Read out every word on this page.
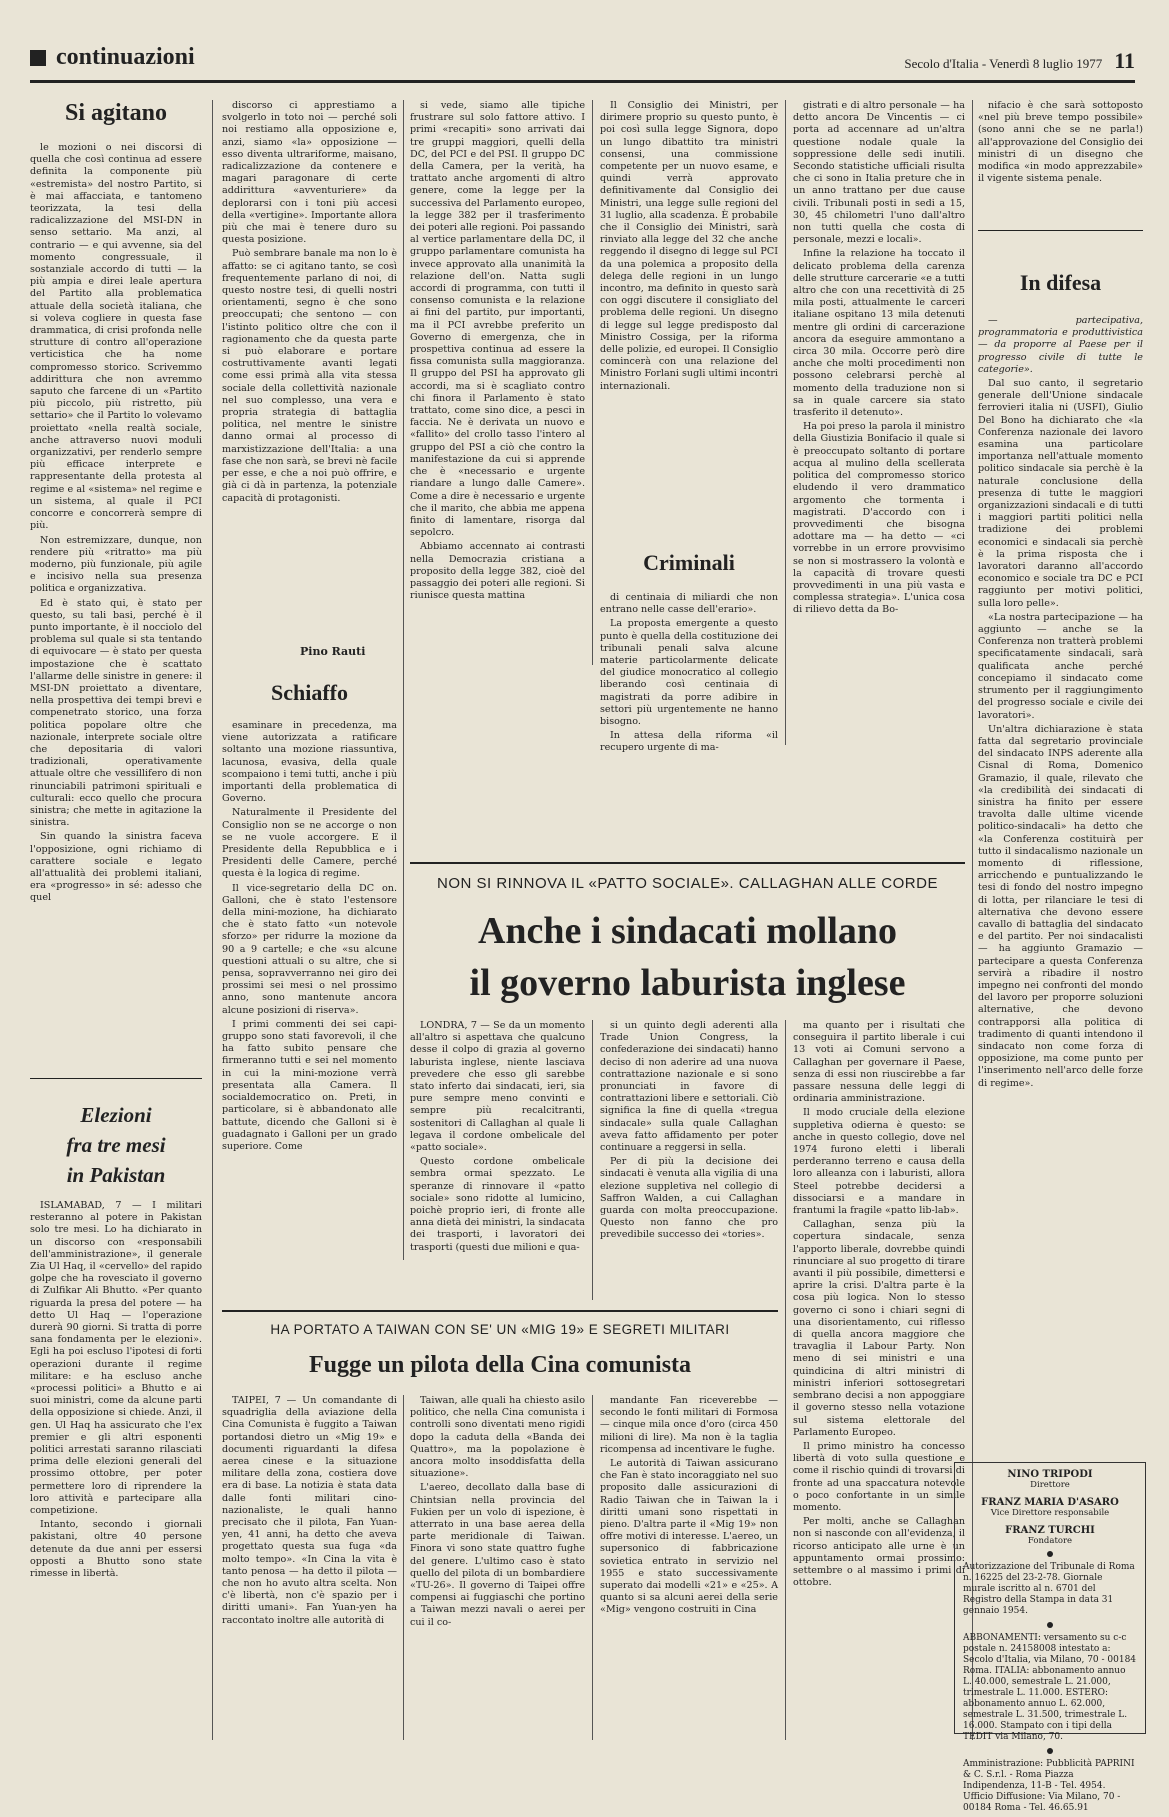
continuazioni	Secolo d'Italia - Venerdì 8 luglio 1977 11
Si agitano

le mozioni o nei discorsi di quella che così continua ad essere definita la componente più «estremista» del nostro Partito, si è mai affacciata, e tantomeno teorizzata, la tesi della radicalizzazione del MSI-DN in senso settario. Ma anzi, al contrario — e qui avvenne, sia del momento congressuale, il sostanziale accordo di tutti — la più ampia e direi leale apertura del Partito alla problematica attuale della società italiana, che si voleva cogliere in questa fase drammatica, di crisi profonda nelle strutture di contro all'operazione verticistica che ha nome compromesso storico. Scrivemmo addirittura che non avremmo saputo che farcene di un «Partito più piccolo, più ristretto, più settario» che il Partito lo volevamo proiettato «nella realtà sociale, anche attraverso nuovi moduli organizzativi, per renderlo sempre più efficace interprete e rappresentante della protesta al regime e al «sistema» nel regime e un sistema, al quale il PCI concorre e concorrerà sempre di più.

Non estremizzare, dunque, non rendere più «ritratto» ma più moderno, più funzionale, più agile e incisivo nella sua presenza politica e organizzativa.

Ed è stato qui, è stato per questo, su tali basi, perché è il punto importante, è il nocciolo del problema sul quale si sta tentando di equivocare — è stato per questa impostazione che è scattato l'allarme delle sinistre in genere: il MSI-DN proiettato a diventare, nella prospettiva dei tempi brevi e compenetrato storico, una forza politica popolare oltre che nazionale, interprete sociale oltre che depositaria di valori tradizionali, operativamente attuale oltre che vessillifero di non rinunciabili patrimoni spirituali e culturali: ecco quello che procura sinistra; che mette in agitazione la sinistra.

Sin quando la sinistra faceva l'opposizione, ogni richiamo di carattere sociale e legato all'attualità dei problemi italiani, era «progresso» in sé: adesso che quel

Elezioni
fra tre mesi
in Pakistan

ISLAMABAD, 7 — I militari resteranno al potere in Pakistan solo tre mesi. Lo ha dichiarato in un discorso con «responsabili dell'amministrazione», il generale Zia Ul Haq, il «cervello» del rapido golpe che ha rovesciato il governo di Zulfikar Ali Bhutto. «Per quanto riguarda la presa del potere — ha detto Ul Haq — l'operazione durerà 90 giorni. Si tratta di porre sana fondamenta per le elezioni». Egli ha poi escluso l'ipotesi di forti operazioni durante il regime militare: e ha escluso anche «processi politici» a Bhutto e ai suoi ministri, come da alcune parti della opposizione si chiede. Anzi, il gen. Ul Haq ha assicurato che l'ex premier e gli altri esponenti politici arrestati saranno rilasciati prima delle elezioni generali del prossimo ottobre, per poter permettere loro di riprendere la loro attività e partecipare alla competizione.

Intanto, secondo i giornali pakistani, oltre 40 persone detenute da due anni per essersi opposti a Bhutto sono state rimesse in libertà.

discorso ci apprestiamo a svolgerlo in toto noi — perché soli noi restiamo alla opposizione e, anzi, siamo «la» opposizione — esso diventa ultrariforme, maisano, radicalizzazione da contenere e magari paragonare di certe addirittura «avventuriere» da deplorarsi con i toni più accesi della «vertigine». Importante allora più che mai è tenere duro su questa posizione.

Può sembrare banale ma non lo è affatto: se ci agitano tanto, se così frequentemente parlano di noi, di questo nostre tesi, di quelli nostri orientamenti, segno è che sono preoccupati; che sentono — con l'istinto politico oltre che con il ragionamento che da questa parte si può elaborare e portare costruttivamente avanti legati come essi primà alla vita stessa sociale della collettività nazionale nel suo complesso, una vera e propria strategia di battaglia politica, nel mentre le sinistre danno ormai al processo di marxistizzazione dell'Italia: a una fase che non sarà, se brevi nè facile per esse, e che a noi può offrire, e già ci dà in partenza, la potenziale capacità di protagonisti.

Pino Rauti

si vede, siamo alle tipiche frustrare sul solo fattore attivo. I primi «recapiti» sono arrivati dai tre gruppi maggiori, quelli della DC, del PCI e del PSI. Il gruppo DC della Camera, per la verità, ha trattato anche argomenti di altro genere, come la legge per la successiva del Parlamento europeo, la legge 382 per il trasferimento dei poteri alle regioni. Poi passando al vertice parlamentare della DC, il gruppo parlamentare comunista ha invece approvato alla unanimità la relazione dell'on. Natta sugli accordi di programma, con tutti il consenso comunista e la relazione ai fini del partito, pur importanti, ma il PCI avrebbe preferito un Governo di emergenza, che in prospettiva continua ad essere la fissa comunista sulla maggioranza. Il gruppo del PSI ha approvato gli accordi, ma si è scagliato contro chi finora il Parlamento è stato trattato, come sino dice, a pesci in faccia. Ne è derivata un nuovo e «fallito» del crollo tasso l'intero al gruppo del PSI a ciò che contro la manifestazione da cui si apprende che è «necessario e urgente riandare a lungo dalle Camere». Come a dire è necessario e urgente che il marito, che abbia me appena finito di lamentare, risorga dal sepolcro.

Abbiamo accennato ai contrasti nella Democrazia cristiana a proposito della legge 382, cioè del passaggio dei poteri alle regioni. Si riunisce questa mattina

Schiaffo

esaminare in precedenza, ma viene autorizzata a ratificare soltanto una mozione riassuntiva, lacunosa, evasiva, della quale scompaiono i temi tutti, anche i più importanti della problematica di Governo.

Naturalmente il Presidente del Consiglio non se ne accorge o non se ne vuole accorgere. E il Presidente della Repubblica e i Presidenti delle Camere, perché questa è la logica di regime.

Il vice-segretario della DC on. Galloni, che è stato l'estensore della mini-mozione, ha dichiarato che è stato fatto «un notevole sforzo» per ridurre la mozione da 90 a 9 cartelle; e che «su alcune questioni attuali o su altre, che si pensa, sopravverranno nei giro dei prossimi sei mesi o nel prossimo anno, sono mantenute ancora alcune posizioni di riserva».

I primi commenti dei sei capi-gruppo sono stati favorevoli, il che ha fatto subito pensare che firmeranno tutti e sei nel momento in cui la mini-mozione verrà presentata alla Camera. Il socialdemocratico on. Preti, in particolare, si è abbandonato alle battute, dicendo che Galloni si è guadagnato i Galloni per un grado superiore. Come

Il Consiglio dei Ministri, per dirimere proprio su questo punto, è poi così sulla legge Signora, dopo un lungo dibattito tra ministri consensi, una commissione competente per un nuovo esame, e quindi verrà approvato definitivamente dal Consiglio dei Ministri, una legge sulle regioni del 31 luglio, alla scadenza. È probabile che il Consiglio dei Ministri, sarà rinviato alla legge del 32 che anche reggendo il disegno di legge sul PCI da una polemica a proposito della delega delle regioni in un lungo incontro, ma definito in questo sarà con oggi discutere il consigliato del problema delle regioni. Un disegno di legge sul legge predisposto dal Ministro Cossiga, per la riforma delle polizie, ed europei. Il Consiglio comincerà con una relazione del Ministro Forlani sugli ultimi incontri internazionali.

Criminali

di centinaia di miliardi che non entrano nelle casse dell'erario».

La proposta emergente a questo punto è quella della costituzione dei tribunali penali salva alcune materie particolarmente delicate del giudice monocratico al collegio liberando così centinaia di magistrati da porre adibire in settori più urgentemente ne hanno bisogno.

In attesa della riforma «il recupero urgente di ma-

gistrati e di altro personale — ha detto ancora De Vincentis — ci porta ad accennare ad un'altra questione nodale quale la soppressione delle sedi inutili. Secondo statistiche ufficiali risulta che ci sono in Italia preture che in un anno trattano per due cause civili. Tribunali posti in sedi a 15, 30, 45 chilometri l'uno dall'altro non tutti quella che costa di personale, mezzi e locali».

Infine la relazione ha toccato il delicato problema della carenza delle strutture carcerarie «e a tutti altro che con una recettività di 25 mila posti, attualmente le carceri italiane ospitano 13 mila detenuti mentre gli ordini di carcerazione ancora da eseguire ammontano a circa 30 mila. Occorre però dire anche che molti procedimenti non possono celebrarsi perchè al momento della traduzione non si sa in quale carcere sia stato trasferito il detenuto».

Ha poi preso la parola il ministro della Giustizia Bonifacio il quale si è preoccupato soltanto di portare acqua al mulino della scellerata politica del compromesso storico eludendo il vero drammatico argomento che tormenta i magistrati. D'accordo con i provvedimenti che bisogna adottare ma — ha detto — «ci vorrebbe in un errore provvisimo se non si mostrassero la volontà e la capacità di trovare questi provvedimenti in una più vasta e complessa strategia». L'unica cosa di rilievo detta da Bo-

nifacio è che sarà sottoposto «nel più breve tempo possibile» (sono anni che se ne parla!) all'approvazione del Consiglio dei ministri di un disegno che modifica «in modo apprezzabile» il vigente sistema penale.

In difesa

— partecipativa, programmatoria e produttivistica — da proporre al Paese per il progresso civile di tutte le categorie».

Dal suo canto, il segretario generale dell'Unione sindacale ferrovieri italia ni (USFI), Giulio Del Bono ha dichiarato che «la Conferenza nazionale dei lavoro esamina una particolare importanza nell'attuale momento politico sindacale sia perchè è la naturale conclusione della presenza di tutte le maggiori organizzazioni sindacali e di tutti i maggiori partiti politici nella tradizione dei problemi economici e sindacali sia perchè è la prima risposta che i lavoratori daranno all'accordo economico e sociale tra DC e PCI raggiunto per motivi politici, sulla loro pelle».

«La nostra partecipazione — ha aggiunto — anche se la Conferenza non tratterà problemi specificatamente sindacali, sarà qualificata anche perché concepiamo il sindacato come strumento per il raggiungimento del progresso sociale e civile dei lavoratori».

Un'altra dichiarazione è stata fatta dal segretario provinciale del sindacato INPS aderente alla Cisnal di Roma, Domenico Gramazio, il quale, rilevato che «la credibilità dei sindacati di sinistra ha finito per essere travolta dalle ultime vicende politico-sindacali» ha detto che «la Conferenza costituirà per tutto il sindacalismo nazionale un momento di riflessione, arricchendo e puntualizzando le tesi di fondo del nostro impegno di lotta, per rilanciare le tesi di alternativa che devono essere cavallo di battaglia del sindacato e del partito. Per noi sindacalisti — ha aggiunto Gramazio — partecipare a questa Conferenza servirà a ribadire il nostro impegno nei confronti del mondo del lavoro per proporre soluzioni alternative, che devono contrapporsi alla politica di tradimento di quanti intendono il sindacato non come forza di opposizione, ma come punto per l'inserimento nell'arco delle forze di regime».

NON SI RINNOVA IL «PATTO SOCIALE». CALLAGHAN ALLE CORDE
Anche i sindacati mollano
il governo laburista inglese

LONDRA, 7 — Se da un momento all'altro si aspettava che qualcuno desse il colpo di grazia al governo laburista inglese, niente lasciava prevedere che esso gli sarebbe stato inferto dai sindacati, ieri, sia pure sempre meno convinti e sempre più recalcitranti, sostenitori di Callaghan al quale li legava il cordone ombelicale del «patto sociale».

Questo cordone ombelicale sembra ormai spezzato. Le speranze di rinnovare il «patto sociale» sono ridotte al lumicino, poichè proprio ieri, di fronte alle anna dietà dei ministri, la sindacata dei trasporti, i lavoratori dei trasporti (questi due milioni e qua-

si un quinto degli aderenti alla Trade Union Congress, la confederazione dei sindacati) hanno deciso di non aderire ad una nuova contrattazione nazionale e si sono pronunciati in favore di contrattazioni libere e settoriali. Ciò significa la fine di quella «tregua sindacale» sulla quale Callaghan aveva fatto affidamento per poter continuare a reggersi in sella.

Per di più la decisione dei sindacati è venuta alla vigilia di una elezione suppletiva nel collegio di Saffron Walden, a cui Callaghan guarda con molta preoccupazione. Questo non fanno che pro prevedibile successo dei «tories».

ma quanto per i risultati che conseguira il partito liberale i cui 13 voti ai Comuni servono a Callaghan per governare il Paese, senza di essi non riuscirebbe a far passare nessuna delle leggi di ordinaria amministrazione.

Il modo cruciale della elezione suppletiva odierna è questo: se anche in questo collegio, dove nel 1974 furono eletti i liberali perderanno terreno e causa della loro alleanza con i laburisti, allora Steel potrebbe decidersi a dissociarsi e a mandare in frantumi la fragile «patto lib-lab».

Callaghan, senza più la copertura sindacale, senza l'apporto liberale, dovrebbe quindi rinunciare al suo progetto di tirare avanti il più possibile, dimettersi e aprire la crisi. D'altra parte è la cosa più logica. Non lo stesso governo ci sono i chiari segni di una disorientamento, cui riflesso di quella ancora maggiore che travaglia il Labour Party. Non meno di sei ministri e una quindicina di altri ministri di ministri inferiori sottosegretari sembrano decisi a non appoggiare il governo stesso nella votazione sul sistema elettorale del Parlamento Europeo.

Il primo ministro ha concesso libertà di voto sulla questione e come il rischio quindi di trovarsi di fronte ad una spaccatura notevole o poco confortante in un simile momento.

Per molti, anche se Callaghan non si nasconde con all'evidenza, il ricorso anticipato alle urne è un appuntamento ormai prossimo: settembre o al massimo i primi di ottobre.

HA PORTATO A TAIWAN CON SE' UN «MIG 19» E SEGRETI MILITARI
Fugge un pilota della Cina comunista

TAIPEI, 7 — Un comandante di squadriglia della aviazione della Cina Comunista è fuggito a Taiwan portandosi dietro un «Mig 19» e documenti riguardanti la difesa aerea cinese e la situazione militare della zona, costiera dove era di base. La notizia è stata data dalle fonti militari cino-nazionaliste, le quali hanno precisato che il pilota, Fan Yuan-yen, 41 anni, ha detto che aveva progettato questa sua fuga «da molto tempo». «In Cina la vita è tanto penosa — ha detto il pilota — che non ho avuto altra scelta. Non c'è libertà, non c'è spazio per i diritti umani». Fan Yuan-yen ha raccontato inoltre alle autorità di

Taiwan, alle quali ha chiesto asilo politico, che nella Cina comunista i controlli sono diventati meno rigidi dopo la caduta della «Banda dei Quattro», ma la popolazione è ancora molto insoddisfatta della situazione».

L'aereo, decollato dalla base di Chintsian nella provincia del Fukien per un volo di ispezione, è atterrato in una base aerea della parte meridionale di Taiwan. Finora vi sono state quattro fughe del genere. L'ultimo caso è stato quello del pilota di un bombardiere «TU-26». Il governo di Taipei offre compensi ai fuggiaschi che portino a Taiwan mezzi navali o aerei per cui il co-

mandante Fan riceverebbe — secondo le fonti militari di Formosa — cinque mila once d'oro (circa 450 milioni di lire). Ma non è la taglia ricompensa ad incentivare le fughe.

Le autorità di Taiwan assicurano che Fan è stato incoraggiato nel suo proposito dalle assicurazioni di Radio Taiwan che in Taiwan la i diritti umani sono rispettati in pieno. D'altra parte il «Mig 19» non offre motivi di interesse. L'aereo, un supersonico di fabbricazione sovietica entrato in servizio nel 1955 e stato successivamente superato dai modelli «21» e «25». A quanto si sa alcuni aerei della serie «Mig» vengono costruiti in Cina

NINO TRIPODI
Direttore
FRANZ MARIA D'ASARO
Vice Direttore responsabile
FRANZ TURCHI
Fondatore
Autorizzazione del Tribunale di Roma n. 16225 del 23-2-78. Giornale murale iscritto al n. 6701 del Registro della Stampa in data 31 gennaio 1954.
ABBONAMENTI: versamento su c-c postale n. 24158008 intestato a: Secolo d'Italia, via Milano, 70 - 00184 Roma. ITALIA: abbonamento annuo L. 40.000, semestrale L. 21.000, trimestrale L. 11.000. ESTERO: abbonamento annuo L. 62.000, semestrale L. 31.500, trimestrale L. 16.000. Stampato con i tipi della TEDIT via Milano, 70.
Amministrazione: Pubblicità PAPRINI & C. S.r.l. - Roma Piazza Indipendenza, 11-B - Tel. 4954. Ufficio Diffusione: Via Milano, 70 - 00184 Roma - Tel. 46.65.91
